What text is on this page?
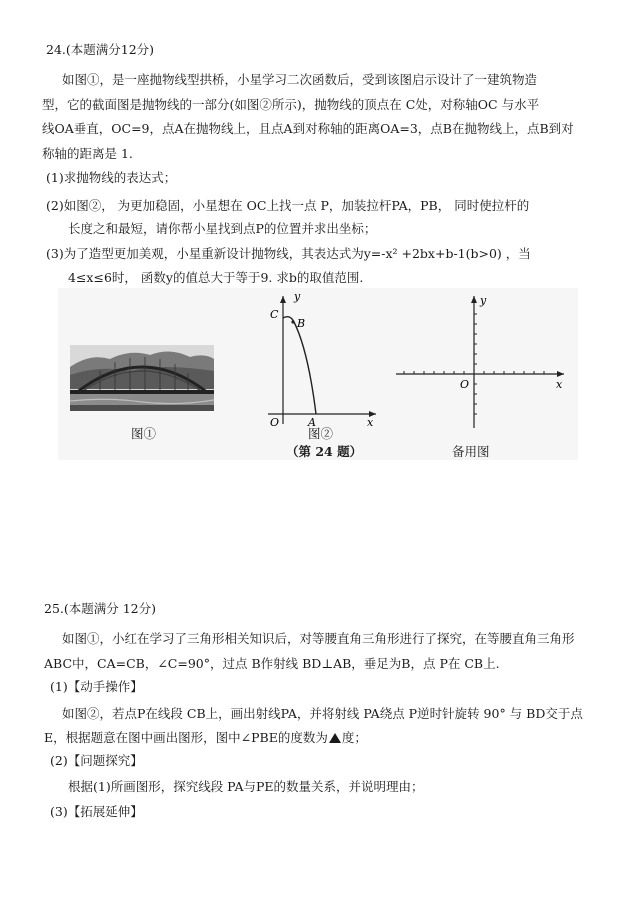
24.(本题满分12分)
如图①，是一座抛物线型拱桥，小星学习二次函数后，受到该图启示设计了一建筑物造
型，它的截面图是抛物线的一部分(如图②所示)，抛物线的顶点在 C处，对称轴OC 与水平
线OA垂直，OC=9，点A在抛物线上，且点A到对称轴的距离OA=3，点B在抛物线上，点B到对
称轴的距离是 1.
(1)求抛物线的表达式；
(2)如图②， 为更加稳固，小星想在 OC上找一点 P，加装拉杆PA，PB， 同时使拉杆的
长度之和最短，请你帮小星找到点P的位置并求出坐标；
(3)为了造型更加美观，小星重新设计抛物线，其表达式为y=-x² +2bx+b-1(b>0) ，当
4≤x≤6时， 函数y的值总大于等于9. 求b的取值范围.
图①
y
C
B
O	A	x
图②
（第 24 题）
y
O	x
备用图
25.(本题满分 12分)
如图①，小红在学习了三角形相关知识后，对等腰直角三角形进行了探究，在等腰直角三角形
ABC中，CA=CB，∠C=90°，过点 B作射线 BD⊥AB，垂足为B，点 P在 CB上.
(1)【动手操作】
如图②，若点P在线段 CB上，画出射线PA，并将射线 PA绕点 P逆时针旋转 90° 与 BD交于点
E，根据题意在图中画出图形，图中∠PBE的度数为 度；
(2)【问题探究】
根据(1)所画图形，探究线段 PA与PE的数量关系，并说明理由；
(3)【拓展延伸】
